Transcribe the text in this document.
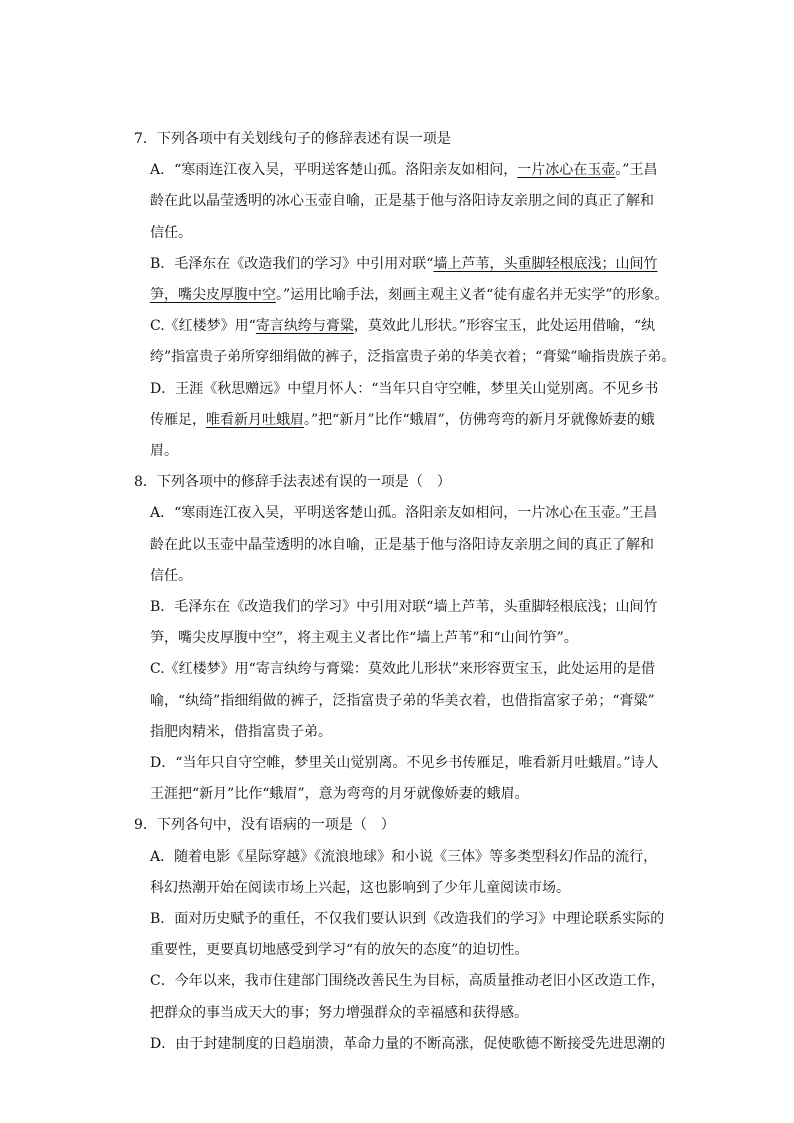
7．下列各项中有关划线句子的修辞表述有误一项是
A．“寒雨连江夜入吴，平明送客楚山孤。洛阳亲友如相问，一片冰心在玉壶。”王昌
龄在此以晶莹透明的冰心玉壶自喻，正是基于他与洛阳诗友亲朋之间的真正了解和
信任。
B．毛泽东在《改造我们的学习》中引用对联“墙上芦苇，头重脚轻根底浅；山间竹
笋，嘴尖皮厚腹中空。”运用比喻手法，刻画主观主义者“徒有虚名并无实学”的形象。
C.《红楼梦》用“寄言纨绔与膏粱，莫效此儿形状。”形容宝玉，此处运用借喻，“纨
绔”指富贵子弟所穿细绢做的裤子，泛指富贵子弟的华美衣着；“膏粱”喻指贵族子弟。
D．王涯《秋思赠远》中望月怀人：“当年只自守空帷，梦里关山觉别离。不见乡书
传雁足，唯看新月吐蛾眉。”把“新月”比作“蛾眉”，仿佛弯弯的新月牙就像娇妻的蛾
眉。
8．下列各项中的修辞手法表述有误的一项是（　）
A．“寒雨连江夜入吴，平明送客楚山孤。洛阳亲友如相问，一片冰心在玉壶。”王昌
龄在此以玉壶中晶莹透明的冰自喻，正是基于他与洛阳诗友亲朋之间的真正了解和
信任。
B．毛泽东在《改造我们的学习》中引用对联“墙上芦苇，头重脚轻根底浅；山间竹
笋，嘴尖皮厚腹中空”，将主观主义者比作“墙上芦苇”和“山间竹笋”。
C.《红楼梦》用“寄言纨绔与膏粱：莫效此儿形状”来形容贾宝玉，此处运用的是借
喻，“纨绮”指细绢做的裤子，泛指富贵子弟的华美衣着，也借指富家子弟；“膏粱”
指肥肉精米，借指富贵子弟。
D．“当年只自守空帷，梦里关山觉别离。不见乡书传雁足，唯看新月吐蛾眉。”诗人
王涯把“新月”比作“蛾眉”，意为弯弯的月牙就像娇妻的蛾眉。
9．下列各句中，没有语病的一项是（　）
A．随着电影《星际穿越》《流浪地球》和小说《三体》等多类型科幻作品的流行，
科幻热潮开始在阅读市场上兴起，这也影响到了少年儿童阅读市场。
B．面对历史赋予的重任，不仅我们要认识到《改造我们的学习》中理论联系实际的
重要性，更要真切地感受到学习“有的放矢的态度”的迫切性。
C．今年以来，我市住建部门围绕改善民生为目标，高质量推动老旧小区改造工作，
把群众的事当成天大的事；努力增强群众的幸福感和获得感。
D．由于封建制度的日趋崩溃，革命力量的不断高涨，促使歌德不断接受先进思潮的
